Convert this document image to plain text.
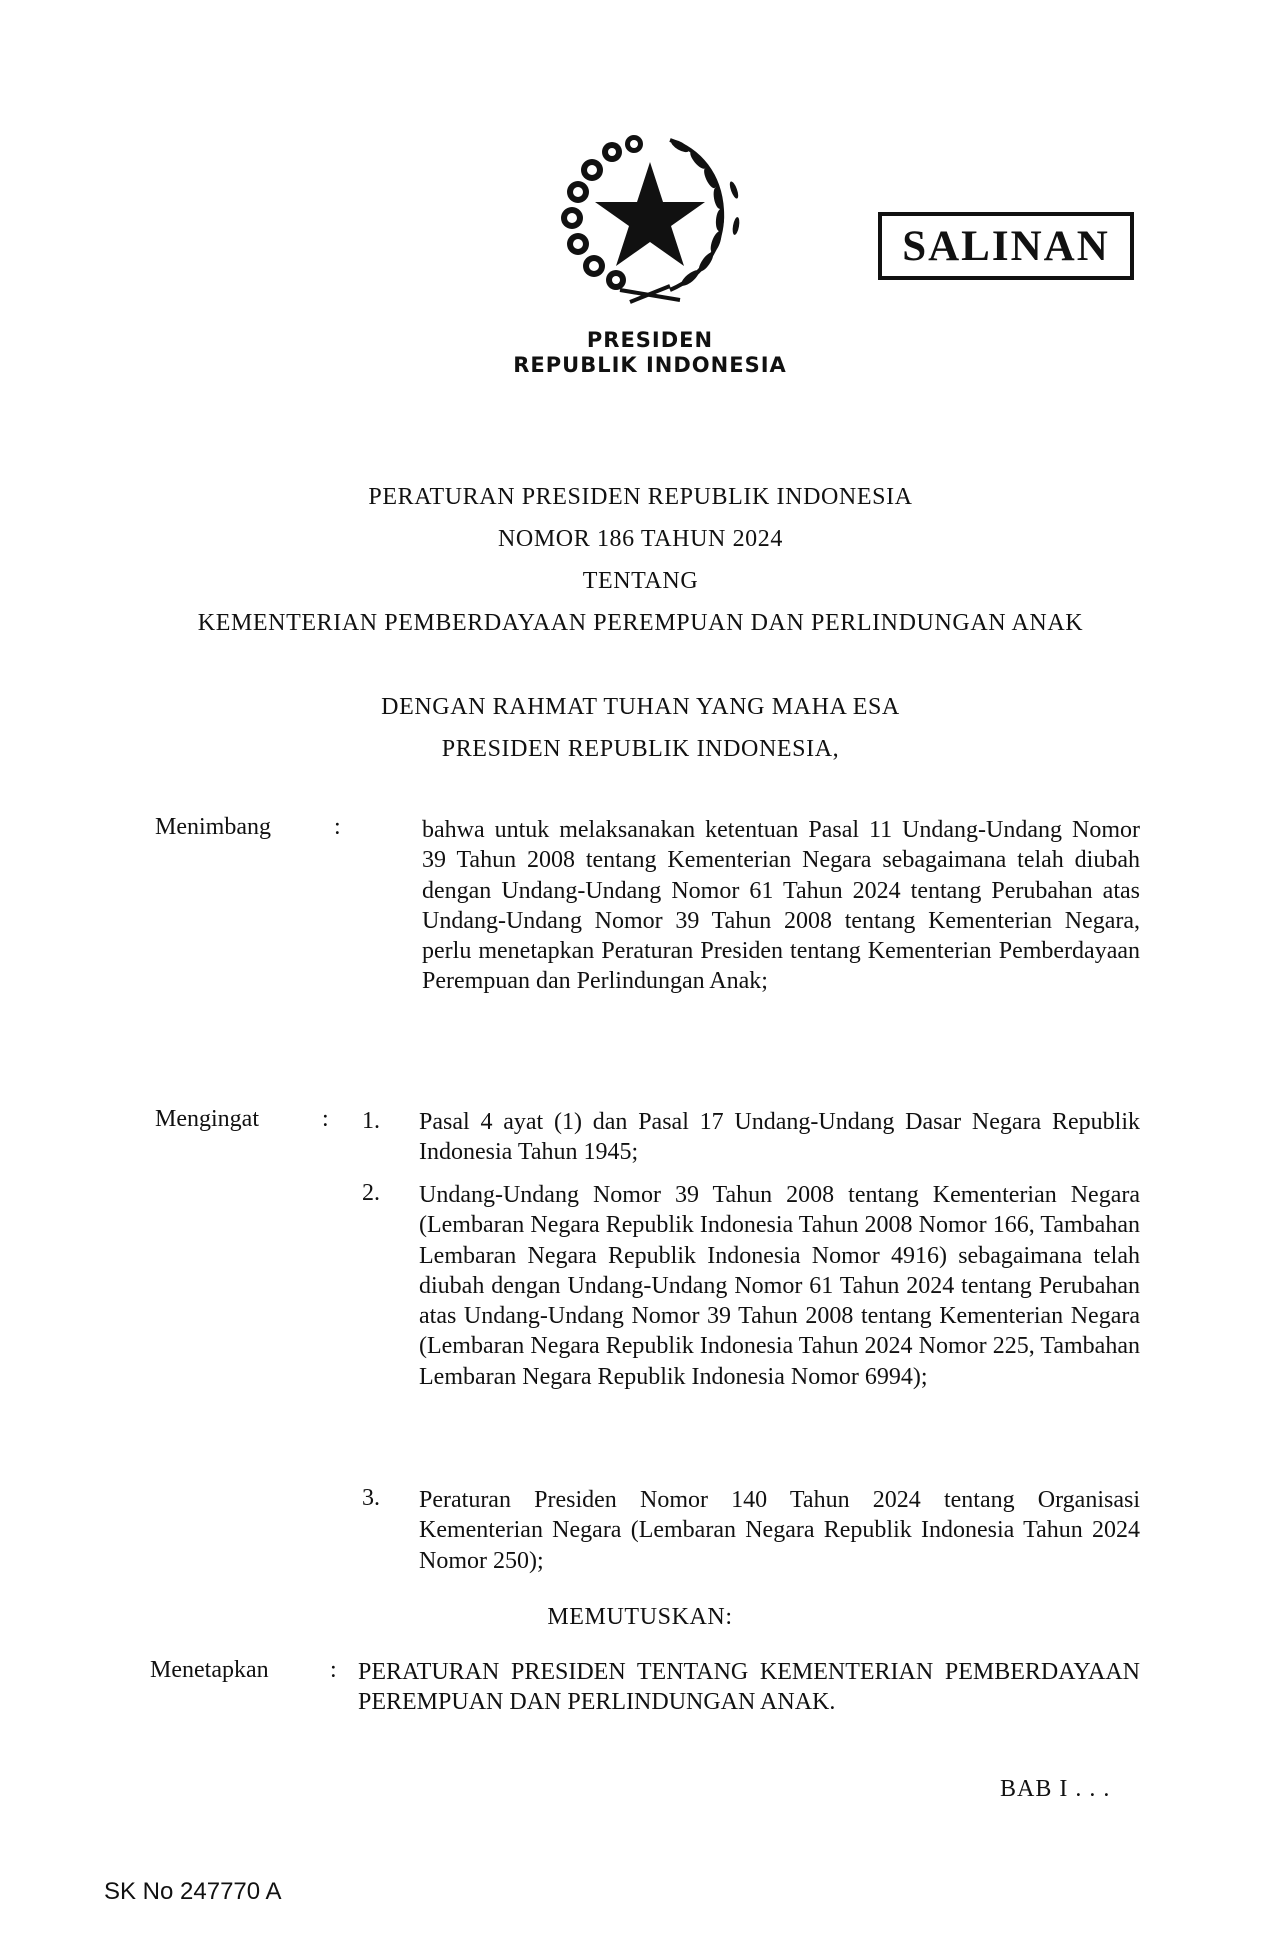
PRESIDEN
REPUBLIK INDONESIA
SALINAN
PERATURAN PRESIDEN REPUBLIK INDONESIA
NOMOR 186 TAHUN 2024
TENTANG
KEMENTERIAN PEMBERDAYAAN PEREMPUAN DAN PERLINDUNGAN ANAK
DENGAN RAHMAT TUHAN YANG MAHA ESA
PRESIDEN REPUBLIK INDONESIA,
Menimbang	:	bahwa untuk melaksanakan ketentuan Pasal 11 Undang-Undang Nomor 39 Tahun 2008 tentang Kementerian Negara sebagaimana telah diubah dengan Undang-Undang Nomor 61 Tahun 2024 tentang Perubahan atas Undang-Undang Nomor 39 Tahun 2008 tentang Kementerian Negara, perlu menetapkan Peraturan Presiden tentang Kementerian Pemberdayaan Perempuan dan Perlindungan Anak;
Mengingat	: 1. Pasal 4 ayat (1) dan Pasal 17 Undang-Undang Dasar Negara Republik Indonesia Tahun 1945;
2. Undang-Undang Nomor 39 Tahun 2008 tentang Kementerian Negara (Lembaran Negara Republik Indonesia Tahun 2008 Nomor 166, Tambahan Lembaran Negara Republik Indonesia Nomor 4916) sebagaimana telah diubah dengan Undang-Undang Nomor 61 Tahun 2024 tentang Perubahan atas Undang-Undang Nomor 39 Tahun 2008 tentang Kementerian Negara (Lembaran Negara Republik Indonesia Tahun 2024 Nomor 225, Tambahan Lembaran Negara Republik Indonesia Nomor 6994);
3. Peraturan Presiden Nomor 140 Tahun 2024 tentang Organisasi Kementerian Negara (Lembaran Negara Republik Indonesia Tahun 2024 Nomor 250);
MEMUTUSKAN:
Menetapkan	: PERATURAN PRESIDEN TENTANG KEMENTERIAN PEMBERDAYAAN PEREMPUAN DAN PERLINDUNGAN ANAK.
BAB I . . .
SK No 247770 A
